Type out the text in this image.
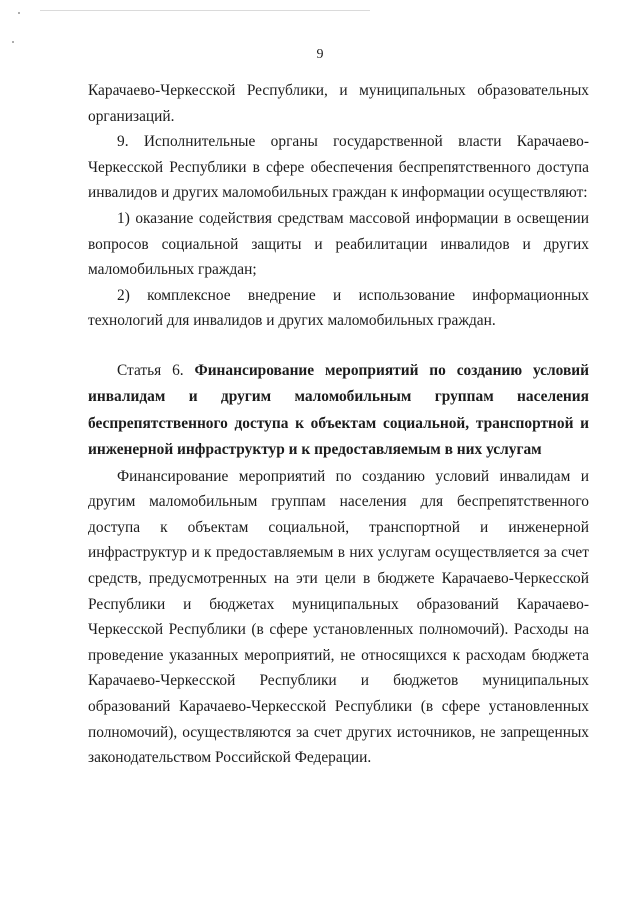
9

Карачаево-Черкесской Республики, и муниципальных образовательных организаций.

9. Исполнительные органы государственной власти Карачаево-Черкесской Республики в сфере обеспечения беспрепятственного доступа инвалидов и других маломобильных граждан к информации осуществляют:

1) оказание содействия средствам массовой информации в освещении вопросов социальной защиты и реабилитации инвалидов и других маломобильных граждан;

2) комплексное внедрение и использование информационных технологий для инвалидов и других маломобильных граждан.

Статья 6. Финансирование мероприятий по созданию условий инвалидам и другим маломобильным группам населения беспрепятственного доступа к объектам социальной, транспортной и инженерной инфраструктур и к предоставляемым в них услугам

Финансирование мероприятий по созданию условий инвалидам и другим маломобильным группам населения для беспрепятственного доступа к объектам социальной, транспортной и инженерной инфраструктур и к предоставляемым в них услугам осуществляется за счет средств, предусмотренных на эти цели в бюджете Карачаево-Черкесской Республики и бюджетах муниципальных образований Карачаево-Черкесской Республики (в сфере установленных полномочий). Расходы на проведение указанных мероприятий, не относящихся к расходам бюджета Карачаево-Черкесской Республики и бюджетов муниципальных образований Карачаево-Черкесской Республики (в сфере установленных полномочий), осуществляются за счет других источников, не запрещенных законодательством Российской Федерации.
